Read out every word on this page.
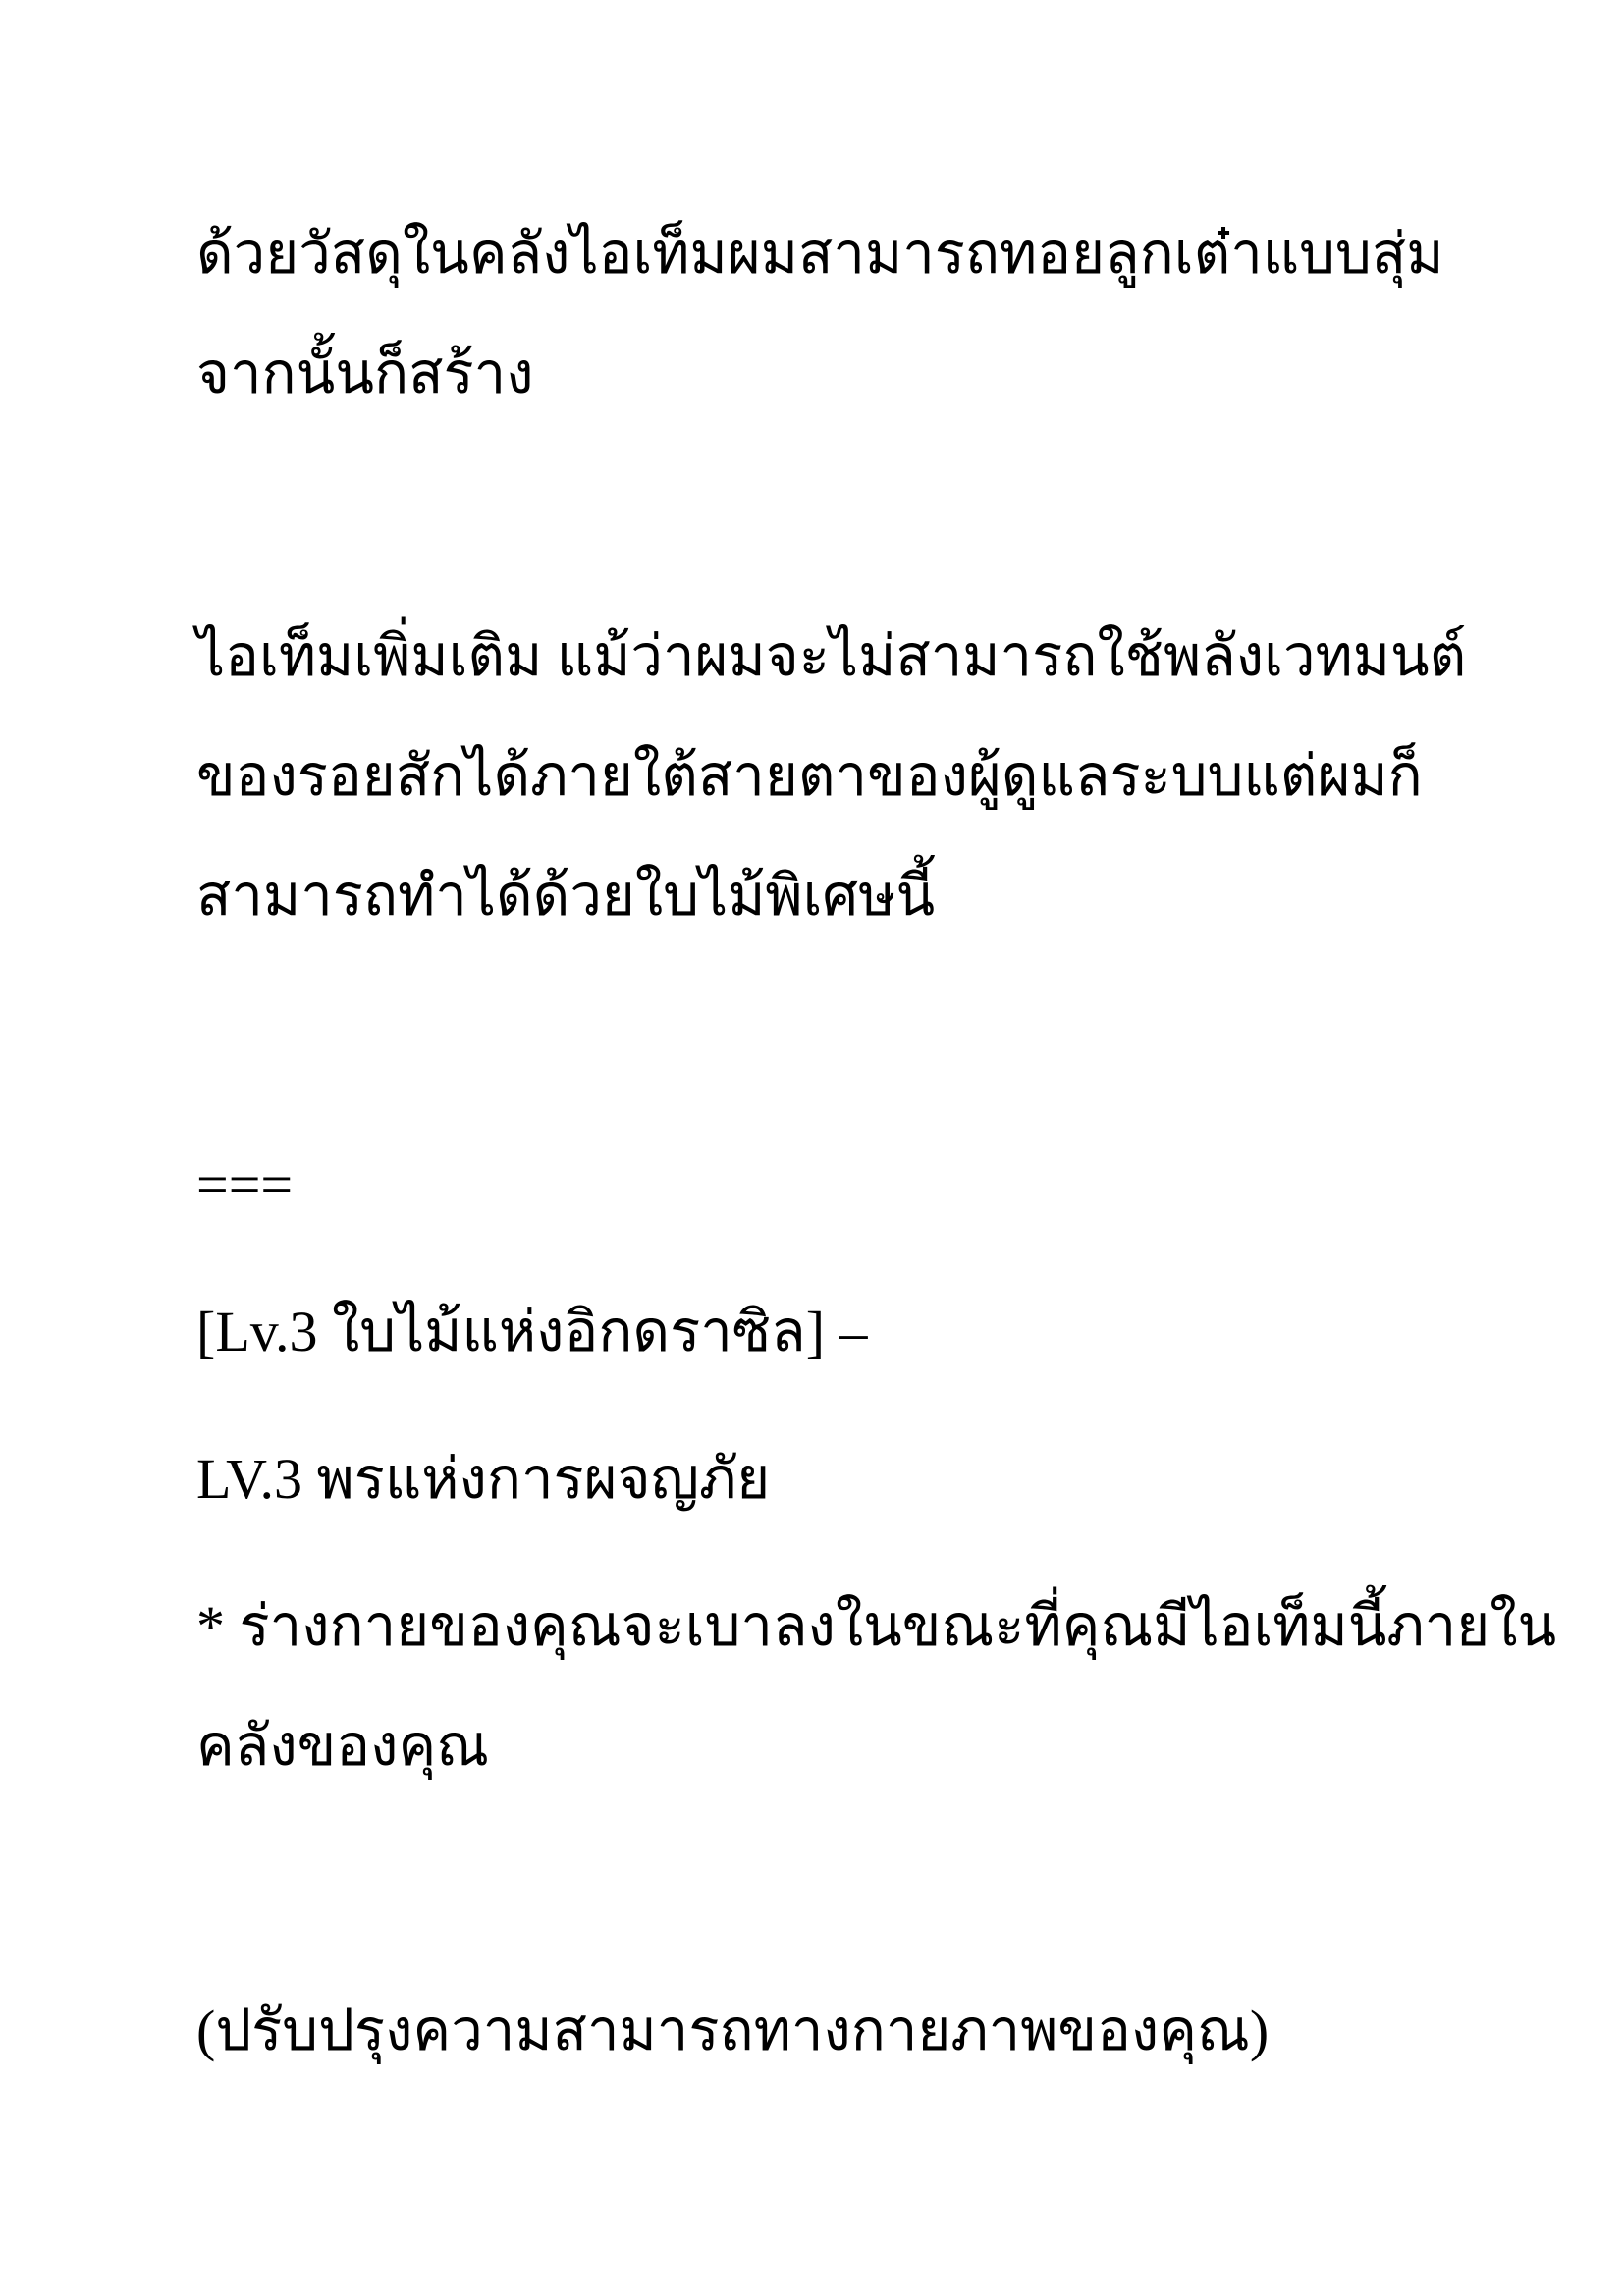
ด้วยวัสดุในคลังไอเท็มผมสามารถทอยลูกเต๋าแบบสุ่ม

จากนั้นก็สร้าง

ไอเท็มเพิ่มเติม แม้ว่าผมจะไม่สามารถใช้พลังเวทมนต์

ของรอยสักได้ภายใต้สายตาของผู้ดูแลระบบแต่ผมก็

สามารถทำได้ด้วยใบไม้พิเศษนี้

===

[Lv.3 ใบไม้แห่งอิกดราซิล] –

LV.3 พรแห่งการผจญภัย

* ร่างกายของคุณจะเบาลงในขณะที่คุณมีไอเท็มนี้ภายใน

คลังของคุณ

(ปรับปรุงความสามารถทางกายภาพของคุณ)
